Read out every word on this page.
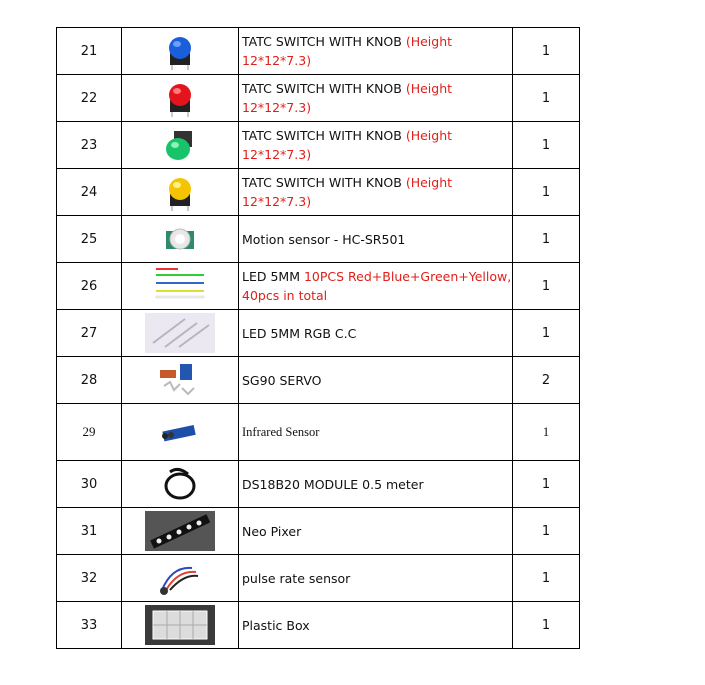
21		TATC SWITCH WITH KNOB (Height 12*12*7.3)	1
22		TATC SWITCH WITH KNOB (Height 12*12*7.3)	1
23		TATC SWITCH WITH KNOB (Height 12*12*7.3)	1
24		TATC SWITCH WITH KNOB (Height 12*12*7.3)	1
25		Motion sensor - HC-SR501	1
26		LED 5MM 10PCS Red+Blue+Green+Yellow, 40pcs in total	1
27		LED 5MM RGB C.C	1
28		SG90 SERVO	2
29		Infrared Sensor	1
30		DS18B20 MODULE 0.5 meter	1
31		Neo Pixer	1
32		pulse rate sensor	1
33		Plastic Box	1
